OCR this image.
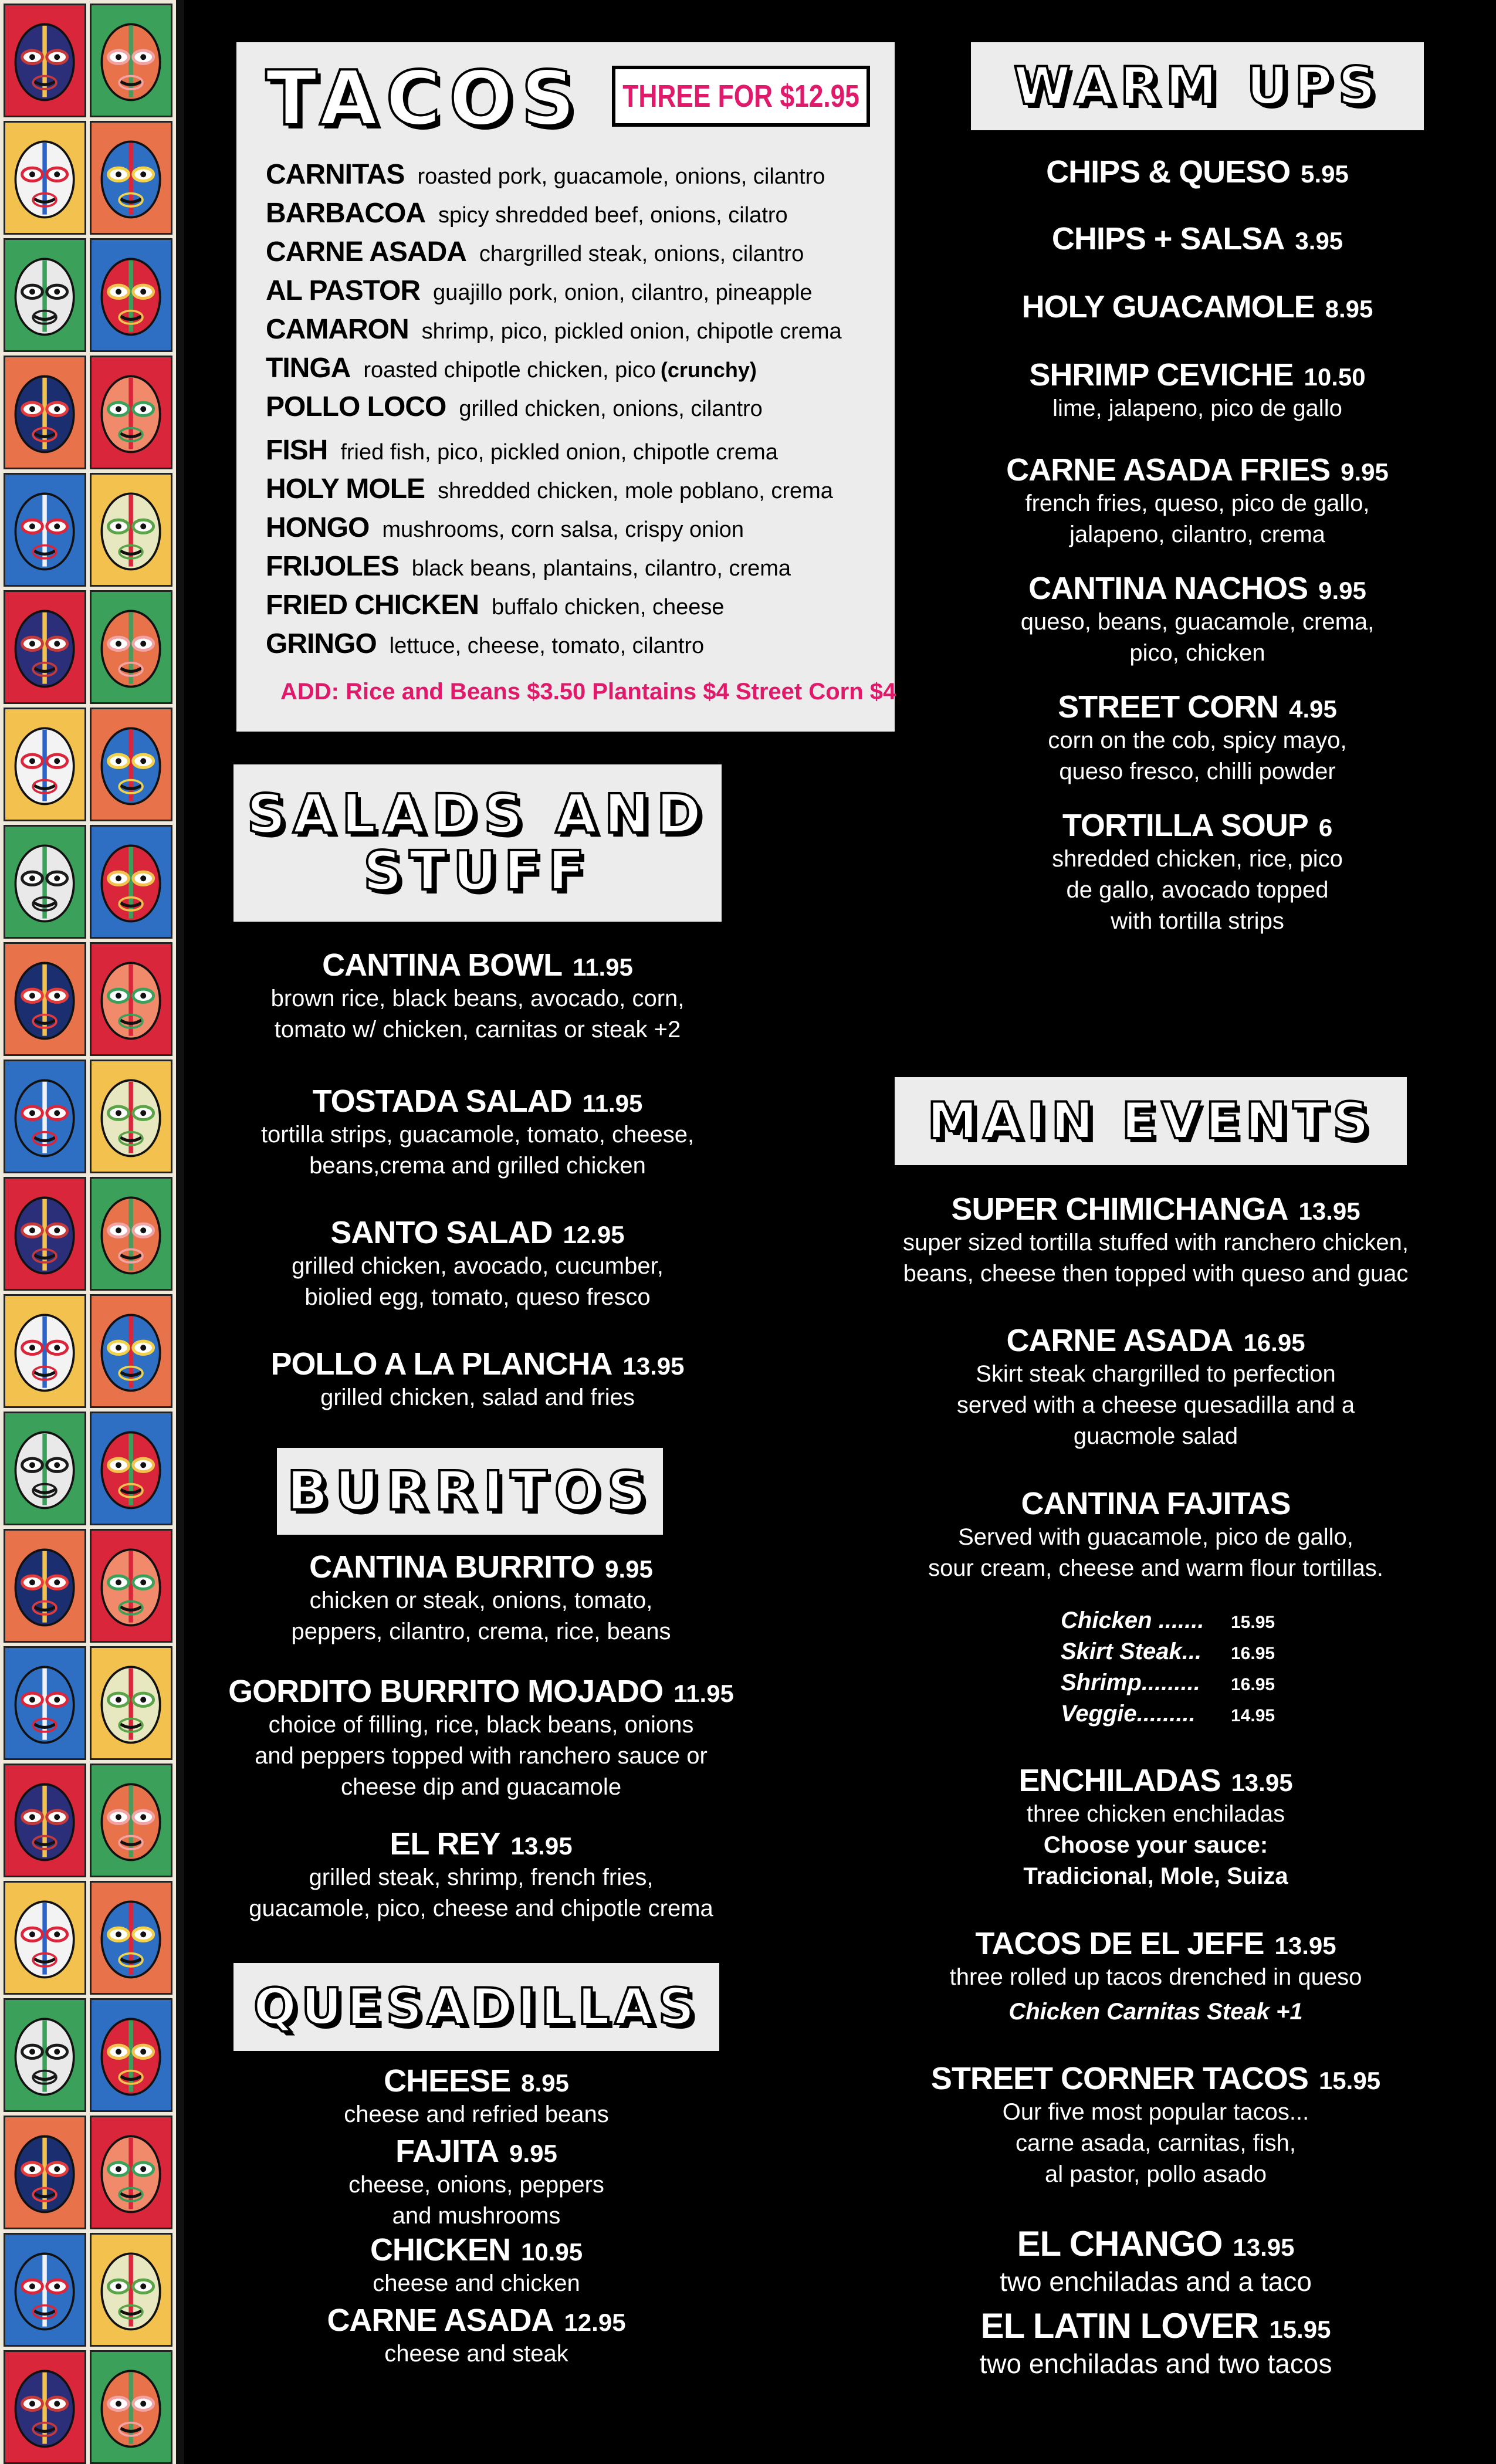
TACOS THREE FOR $12.95
CARNITAS roasted pork, guacamole, onions, cilantro
BARBACOA spicy shredded beef, onions, cilatro
CARNE ASADA chargrilled steak, onions, cilantro
AL PASTOR guajillo pork, onion, cilantro, pineapple
CAMARON shrimp, pico, pickled onion, chipotle crema
TINGA roasted chipotle chicken, pico (crunchy)
POLLO LOCO grilled chicken, onions, cilantro
FISH fried fish, pico, pickled onion, chipotle crema
HOLY MOLE shredded chicken, mole poblano, crema
HONGO mushrooms, corn salsa, crispy onion
FRIJOLES black beans, plantains, cilantro, crema
FRIED CHICKEN buffalo chicken, cheese
GRINGO lettuce, cheese, tomato, cilantro
ADD: Rice and Beans $3.50 Plantains $4 Street Corn $4
WARM UPS
CHIPS & QUESO 5.95
CHIPS + SALSA 3.95
HOLY GUACAMOLE 8.95
SHRIMP CEVICHE 10.50
lime, jalapeno, pico de gallo
CARNE ASADA FRIES 9.95
french fries, queso, pico de gallo,
jalapeno, cilantro, crema
CANTINA NACHOS 9.95
queso, beans, guacamole, crema,
pico, chicken
STREET CORN 4.95
corn on the cob, spicy mayo,
queso fresco, chilli powder
TORTILLA SOUP 6
shredded chicken, rice, pico
de gallo, avocado topped
with tortilla strips
SALADS AND
STUFF
CANTINA BOWL 11.95
brown rice, black beans, avocado, corn,
tomato w/ chicken, carnitas or steak +2
TOSTADA SALAD 11.95
tortilla strips, guacamole, tomato, cheese,
beans,crema and grilled chicken
SANTO SALAD 12.95
grilled chicken, avocado, cucumber,
biolied egg, tomato, queso fresco
POLLO A LA PLANCHA 13.95
grilled chicken, salad and fries
BURRITOS
CANTINA BURRITO 9.95
chicken or steak, onions, tomato,
peppers, cilantro, crema, rice, beans
GORDITO BURRITO MOJADO 11.95
choice of filling, rice, black beans, onions
and peppers topped with ranchero sauce or
cheese dip and guacamole
EL REY 13.95
grilled steak, shrimp, french fries,
guacamole, pico, cheese and chipotle crema
QUESADILLAS
CHEESE 8.95
cheese and refried beans
FAJITA 9.95
cheese, onions, peppers
and mushrooms
CHICKEN 10.95
cheese and chicken
CARNE ASADA 12.95
cheese and steak
MAIN EVENTS
SUPER CHIMICHANGA 13.95
super sized tortilla stuffed with ranchero chicken,
beans, cheese then topped with queso and guac
CARNE ASADA 16.95
Skirt steak chargrilled to perfection
served with a cheese quesadilla and a
guacmole salad
CANTINA FAJITAS
Served with guacamole, pico de gallo,
sour cream, cheese and warm flour tortillas.
Chicken .......	15.95
Skirt Steak...	16.95
Shrimp.........	16.95
Veggie.........	14.95
ENCHILADAS 13.95
three chicken enchiladas
Choose your sauce:
Tradicional, Mole, Suiza
TACOS DE EL JEFE 13.95
three rolled up tacos drenched in queso
Chicken Carnitas Steak +1
STREET CORNER TACOS 15.95
Our five most popular tacos...
carne asada, carnitas, fish,
al pastor, pollo asado
EL CHANGO 13.95
two enchiladas and a taco
EL LATIN LOVER 15.95
two enchiladas and two tacos
